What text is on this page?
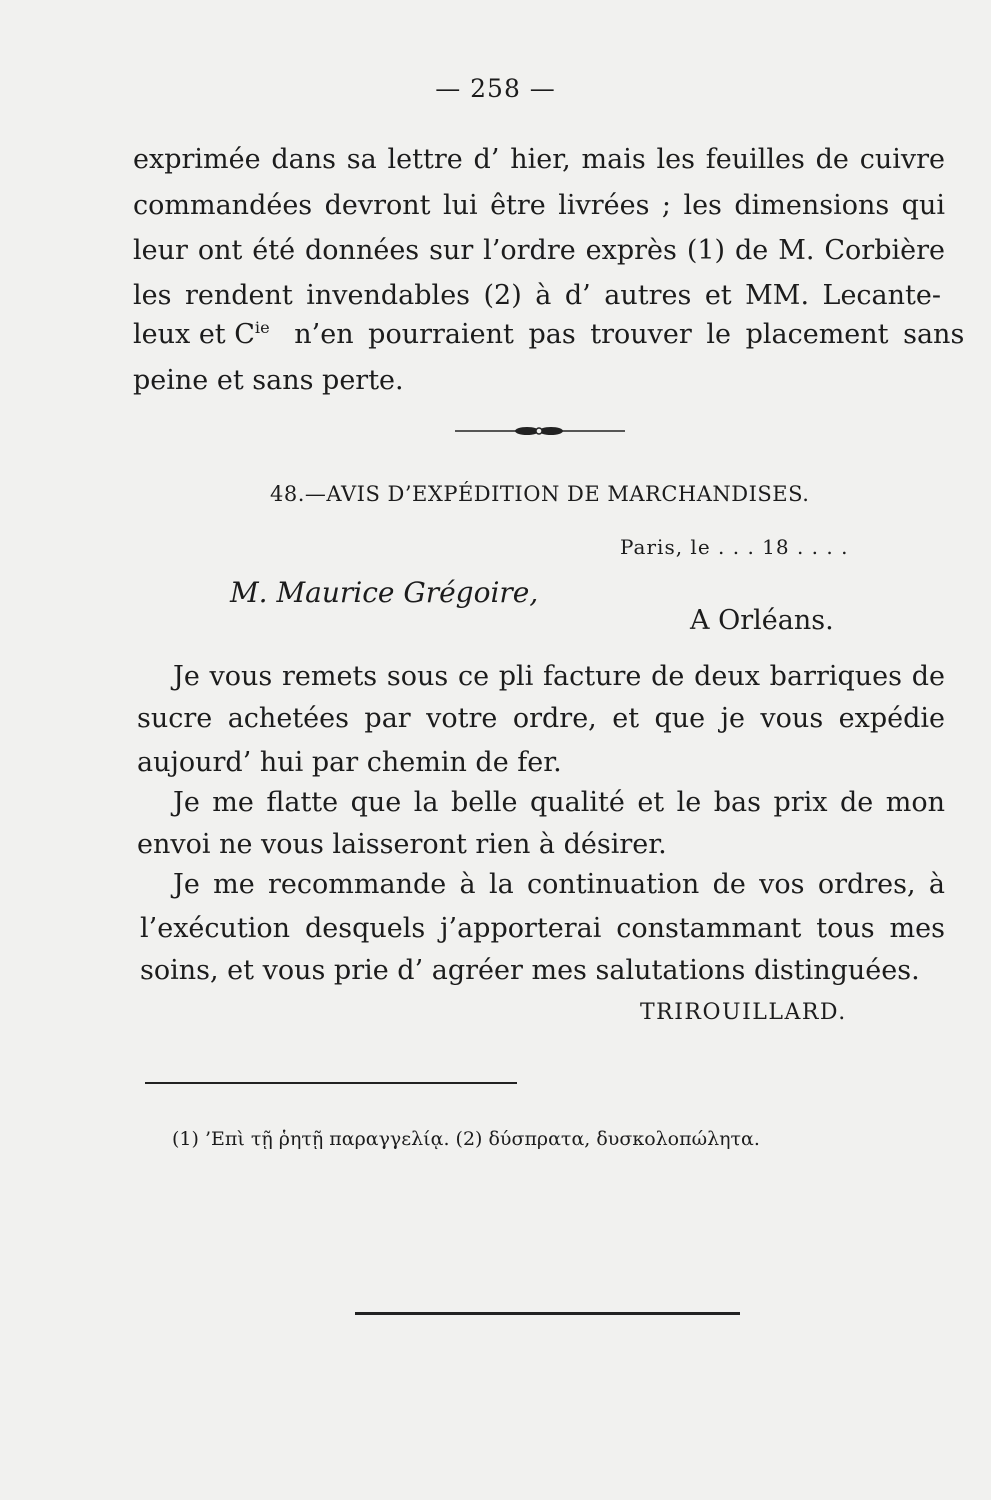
— 258 —
exprimée dans sa lettre d’ hier, mais les feuilles de cuivre
commandées devront lui être livrées ; les dimensions qui
leur ont été données sur l’ordre exprès (1) de M. Corbière
les rendent invendables (2) à d’ autres et MM. Lecante-
leux et $C^{ie}$ n’en pourraient pas trouver le placement sans
peine et sans perte.
48.—AVIS D’EXPÉDITION DE MARCHANDISES.
Paris, le . . . 18 . . . .
M. Maurice Grégoire,
A Orléans.
Je vous remets sous ce pli facture de deux barriques de
sucre achetées par votre ordre, et que je vous expédie
aujourd’ hui par chemin de fer.
Je me flatte que la belle qualité et le bas prix de mon
envoi ne vous laisseront rien à désirer.
Je me recommande à la continuation de vos ordres, à
l’exécution desquels j’apporterai constammant tous mes
soins, et vous prie d’ agréer mes salutations distinguées.
TRIROUILLARD.
(1) ’Επὶ τῇ ῥητῇ παραγγελίᾳ. (2) δύσπρατα, δυσκολοπώλητα.
